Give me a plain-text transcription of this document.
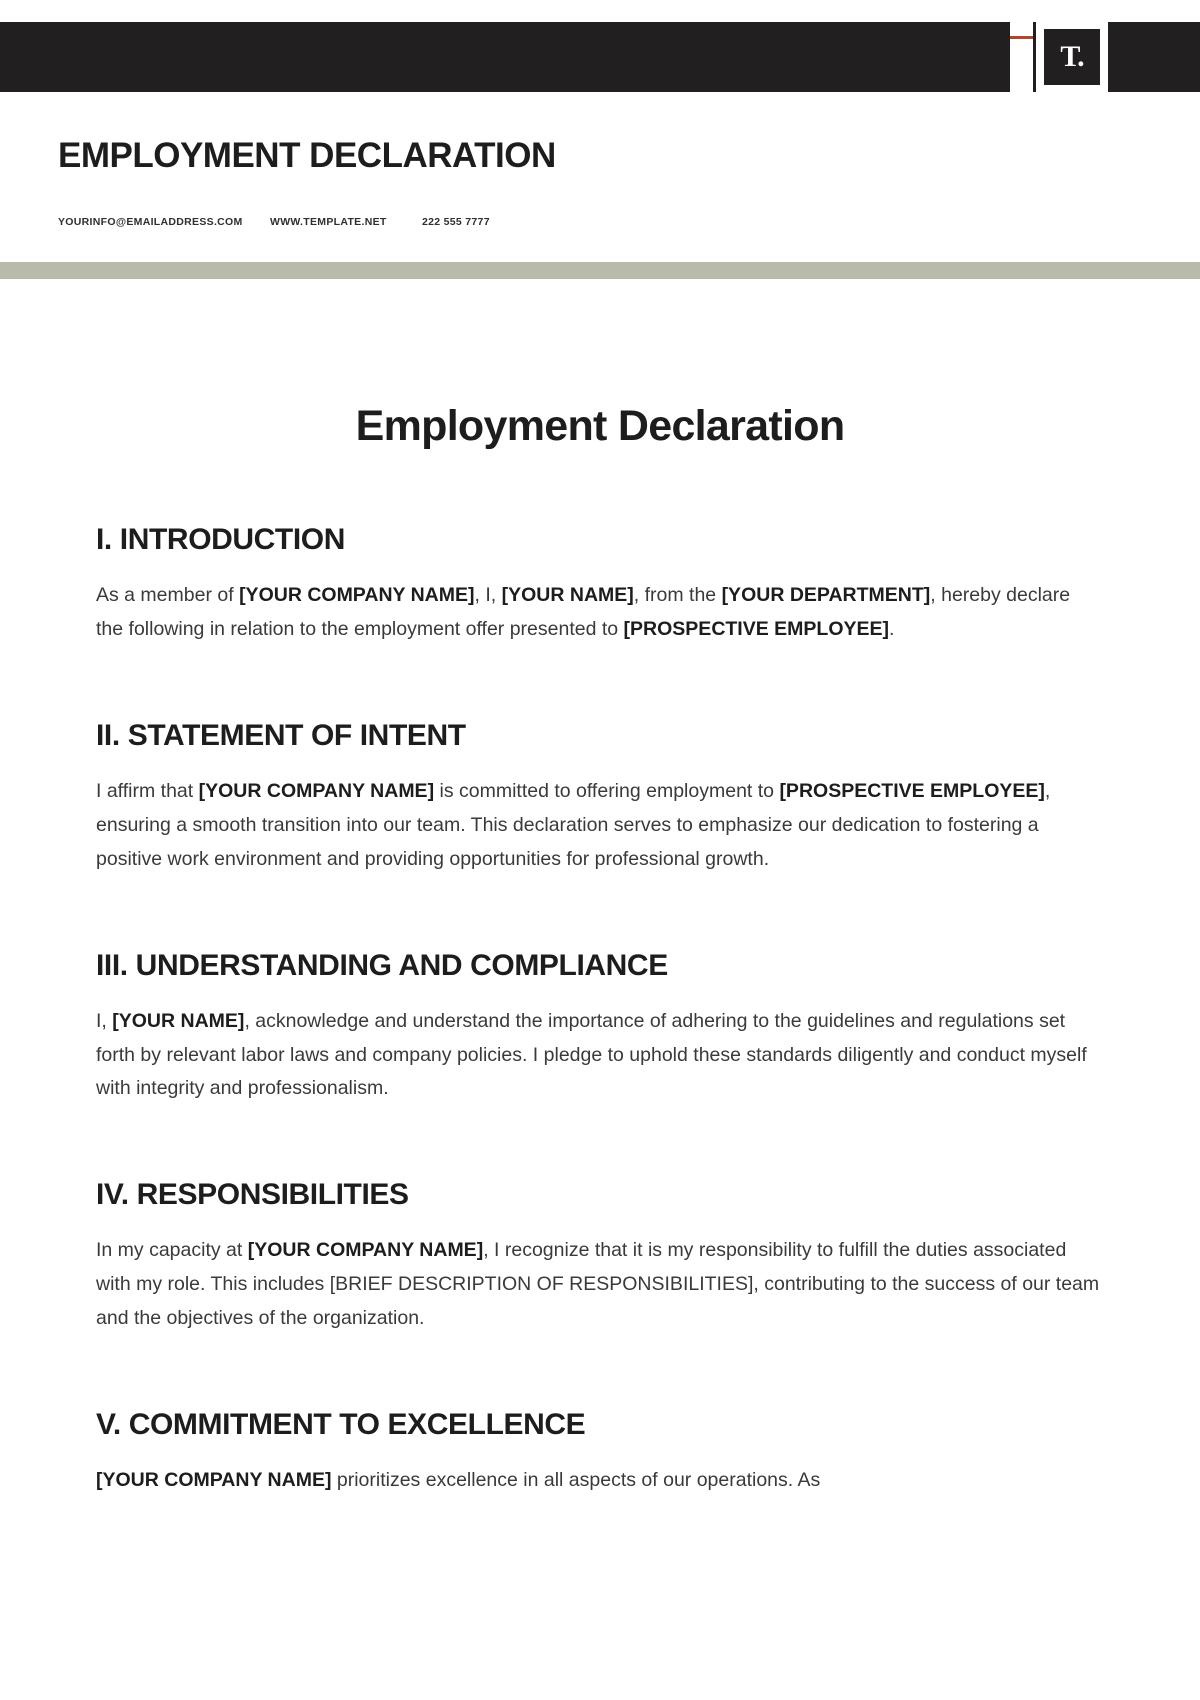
T.
EMPLOYMENT DECLARATION
YOURINFO@EMAILADDRESS.COM	WWW.TEMPLATE.NET	222 555 7777
Employment Declaration
I. INTRODUCTION

As a member of [YOUR COMPANY NAME], I, [YOUR NAME], from the [YOUR DEPARTMENT], hereby declare the following in relation to the employment offer presented to [PROSPECTIVE EMPLOYEE].

II. STATEMENT OF INTENT

I affirm that [YOUR COMPANY NAME] is committed to offering employment to [PROSPECTIVE EMPLOYEE], ensuring a smooth transition into our team. This declaration serves to emphasize our dedication to fostering a positive work environment and providing opportunities for professional growth.

III. UNDERSTANDING AND COMPLIANCE

I, [YOUR NAME], acknowledge and understand the importance of adhering to the guidelines and regulations set forth by relevant labor laws and company policies. I pledge to uphold these standards diligently and conduct myself with integrity and professionalism.

IV. RESPONSIBILITIES

In my capacity at [YOUR COMPANY NAME], I recognize that it is my responsibility to fulfill the duties associated with my role. This includes [BRIEF DESCRIPTION OF RESPONSIBILITIES], contributing to the success of our team and the objectives of the organization.

V. COMMITMENT TO EXCELLENCE

[YOUR COMPANY NAME] prioritizes excellence in all aspects of our operations. As
